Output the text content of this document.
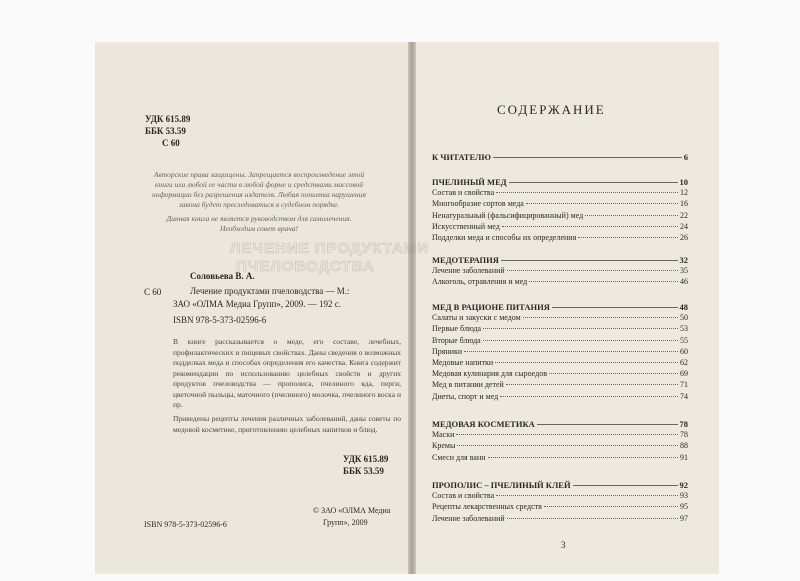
УДК 615.89
ББК 53.59
С 60
Авторские права защищены. Запрещается воспроизведение этой
книги или любой ее части в любой форме и средствами массовой
информации без разрешения издателя. Любая попытка нарушения
закона будет преследоваться в судебном порядке.
Данная книга не является руководством для самолечения.
Необходим совет врача!
ЛЕЧЕНИЕ ПРОДУКТАМИ
ПЧЕЛОВОДСТВА
Соловьева В. А.
С 60	Лечение продуктами пчеловодства — М.:
ЗАО «ОЛМА Медиа Групп», 2009. — 192 с.
ISBN 978-5-373-02596-6
В книге рассказывается о меде, его составе, лечебных, профилактических и пищевых свойствах. Даны сведения о возможных подделках меда и способах определения его качества. Книга содержит рекомендации по использованию целебных свойств и других продуктов пчеловодства — прополиса, пчелиного яда, перги, цветочной пыльцы, маточного (пчелиного) молочка, пчелиного воска и пр.
Приведены рецепты лечения различных заболеваний, даны советы по медовой косметике, приготовлению целебных напитков и блюд.
УДК 615.89
ББК 53.59
ISBN 978-5-373-02596-6
© ЗАО «ОЛМА Медиа
Групп», 2009
СОДЕРЖАНИЕ
К ЧИТАТЕЛЮ	6
ПЧЕЛИНЫЙ МЕД	10
Состав и свойства	12
Многообразие сортов меда	16
Ненатуральный (фальсифицированный) мед	22
Искусственный мед	24
Подделки меда и способы их определения	26
МЕДОТЕРАПИЯ	32
Лечение заболеваний	35
Алкоголь, отравления и мед	46
МЕД В РАЦИОНЕ ПИТАНИЯ	48
Салаты и закуски с медом	50
Первые блюда	53
Вторые блюда	55
Пряники	60
Медовые напитки	62
Медовая кулинария для сыроедов	69
Мед в питании детей	71
Диеты, спорт и мед	74
МЕДОВАЯ КОСМЕТИКА	78
Маски	78
Кремы	88
Смеси для ванн	91
ПРОПОЛИС – ПЧЕЛИНЫЙ КЛЕЙ	92
Состав и свойства	93
Рецепты лекарственных средств	95
Лечение заболеваний	97
3
